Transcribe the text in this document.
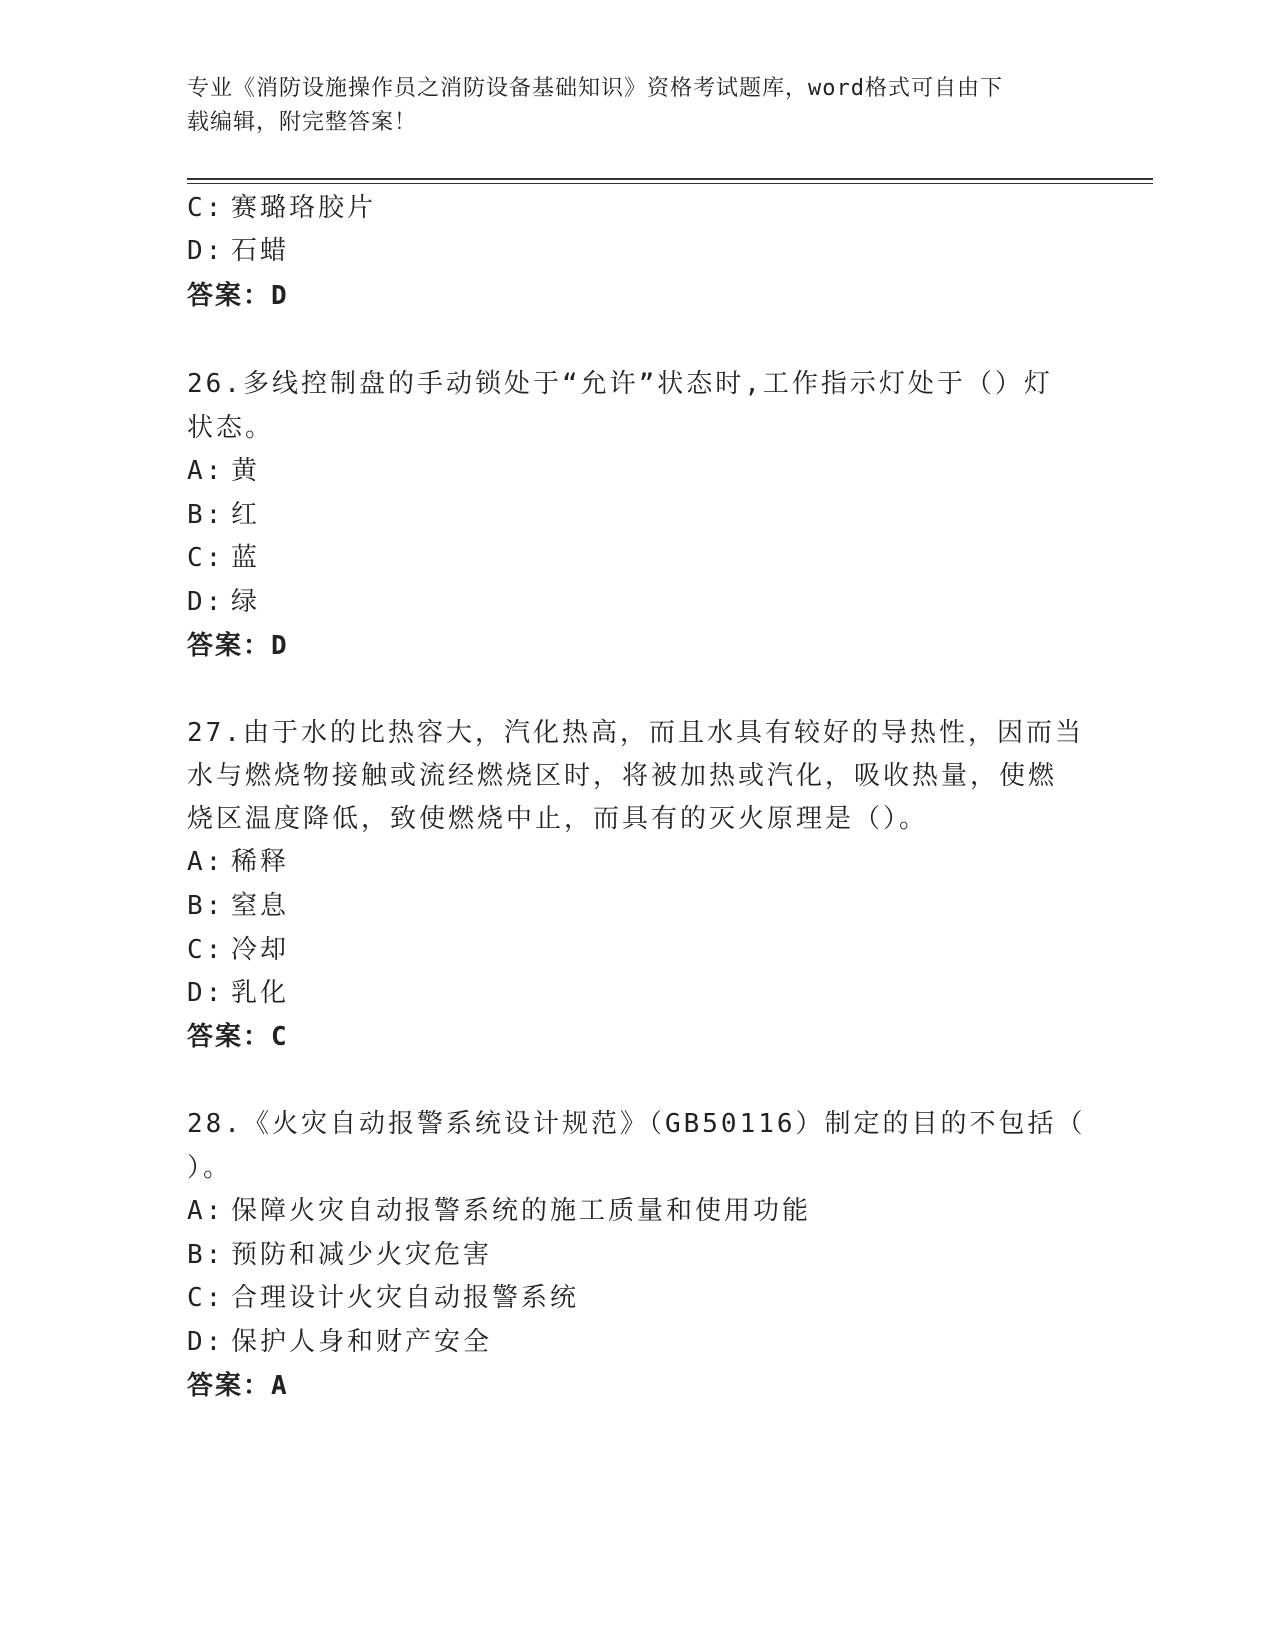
专业《消防设施操作员之消防设备基础知识》资格考试题库，word格式可自由下
载编辑，附完整答案！
C: 赛璐珞胶片
D: 石蜡
答案：D
26.多线控制盘的手动锁处于“允许”状态时,工作指示灯处于（）灯
状态。
A: 黄
B: 红
C: 蓝
D: 绿
答案：D
27.由于水的比热容大，汽化热高，而且水具有较好的导热性，因而当
水与燃烧物接触或流经燃烧区时，将被加热或汽化，吸收热量，使燃
烧区温度降低，致使燃烧中止，而具有的灭火原理是（）。
A: 稀释
B: 窒息
C: 冷却
D: 乳化
答案：C
28.《火灾自动报警系统设计规范》（GB50116）制定的目的不包括（
）。
A: 保障火灾自动报警系统的施工质量和使用功能
B: 预防和减少火灾危害
C: 合理设计火灾自动报警系统
D: 保护人身和财产安全
答案：A
